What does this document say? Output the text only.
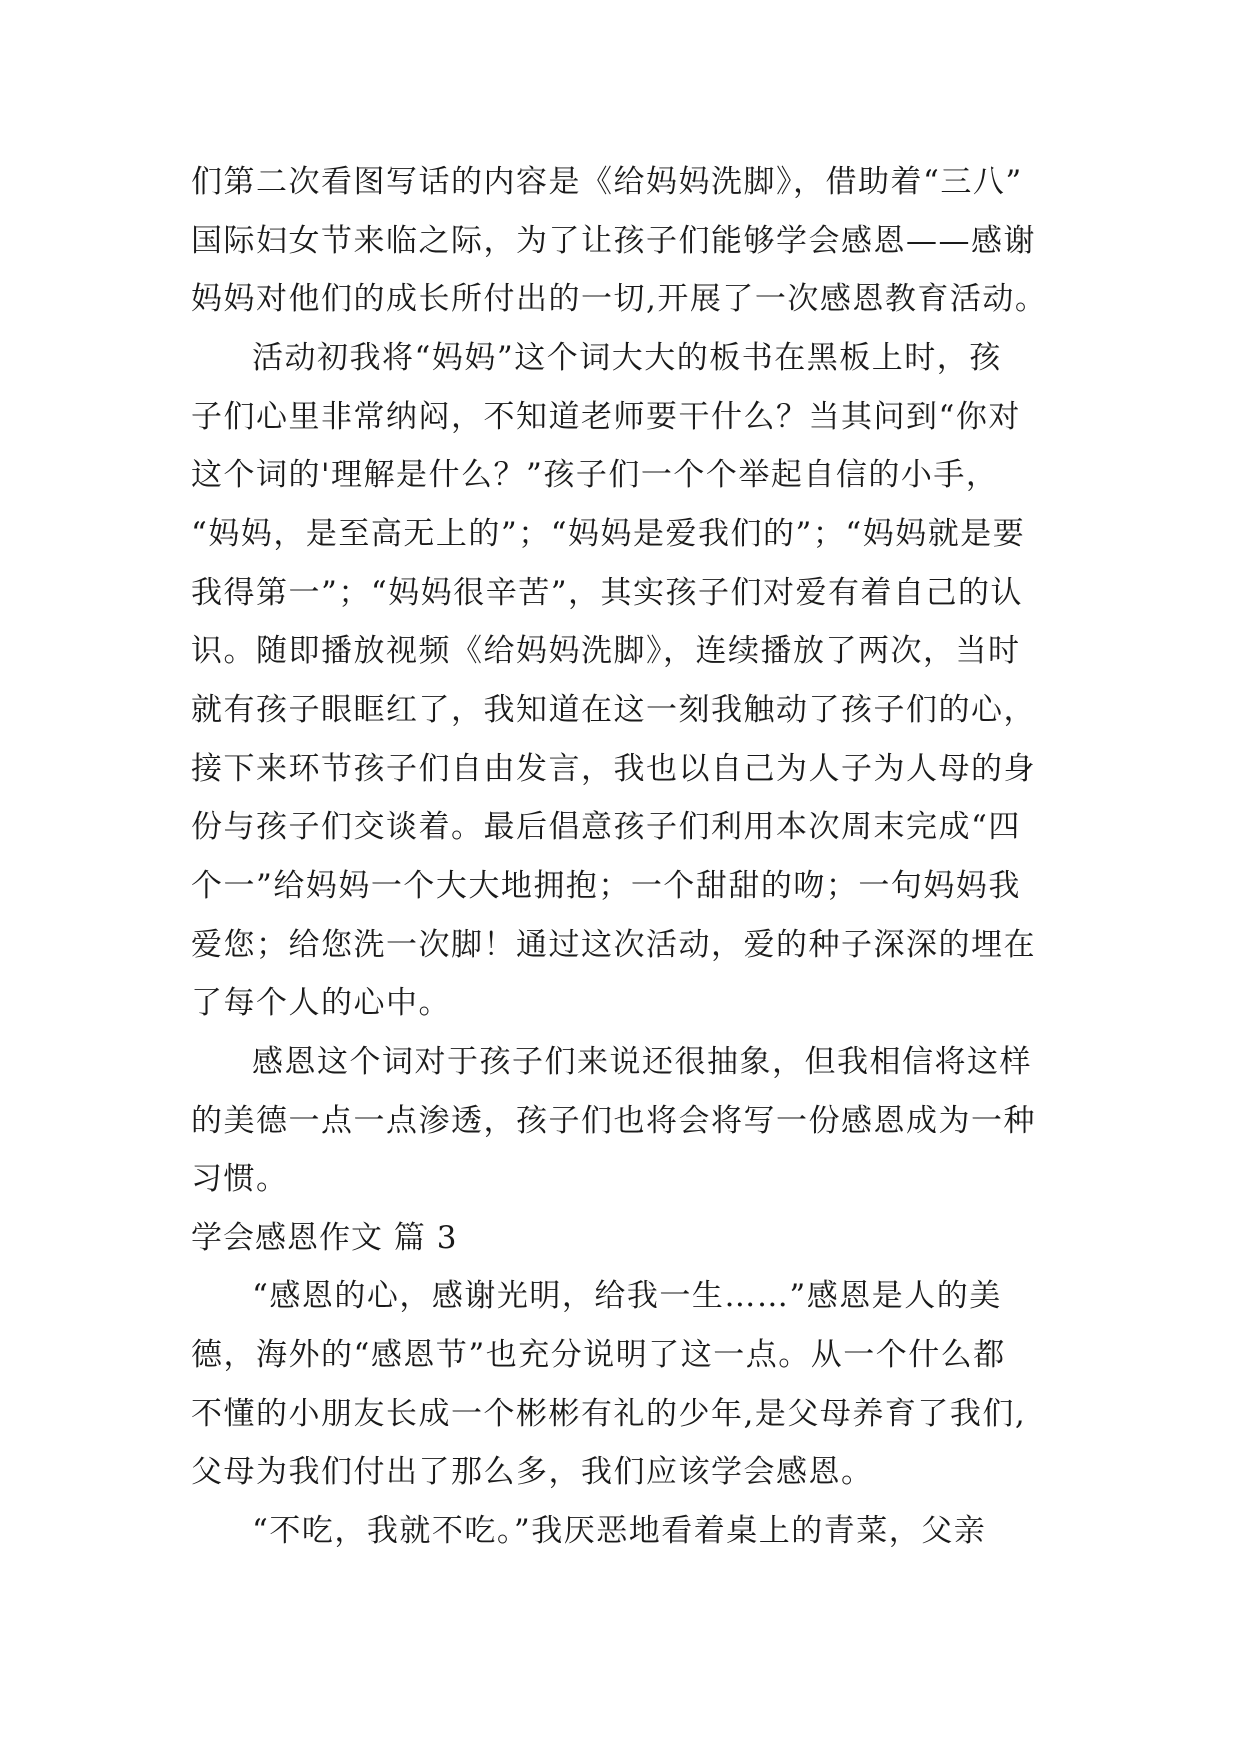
们第二次看图写话的内容是《给妈妈洗脚》，借助着“三八”
国际妇女节来临之际，为了让孩子们能够学会感恩——感谢
妈妈对他们的成长所付出的一切,开展了一次感恩教育活动。
活动初我将“妈妈”这个词大大的板书在黑板上时，孩
子们心里非常纳闷，不知道老师要干什么？当其问到“你对
这个词的'理解是什么？”孩子们一个个举起自信的小手，
“妈妈，是至高无上的”；“妈妈是爱我们的”；“妈妈就是要
我得第一”；“妈妈很辛苦”，其实孩子们对爱有着自己的认
识。随即播放视频《给妈妈洗脚》，连续播放了两次，当时
就有孩子眼眶红了，我知道在这一刻我触动了孩子们的心，
接下来环节孩子们自由发言，我也以自己为人子为人母的身
份与孩子们交谈着。最后倡意孩子们利用本次周末完成“四
个一”给妈妈一个大大地拥抱；一个甜甜的吻；一句妈妈我
爱您；给您洗一次脚！通过这次活动，爱的种子深深的埋在
了每个人的心中。
感恩这个词对于孩子们来说还很抽象，但我相信将这样
的美德一点一点渗透，孩子们也将会将写一份感恩成为一种
习惯。
学会感恩作文 篇 3
“感恩的心，感谢光明，给我一生……”感恩是人的美
德，海外的“感恩节”也充分说明了这一点。从一个什么都
不懂的小朋友长成一个彬彬有礼的少年,是父母养育了我们,
父母为我们付出了那么多，我们应该学会感恩。
“不吃，我就不吃。”我厌恶地看着桌上的青菜，父亲
